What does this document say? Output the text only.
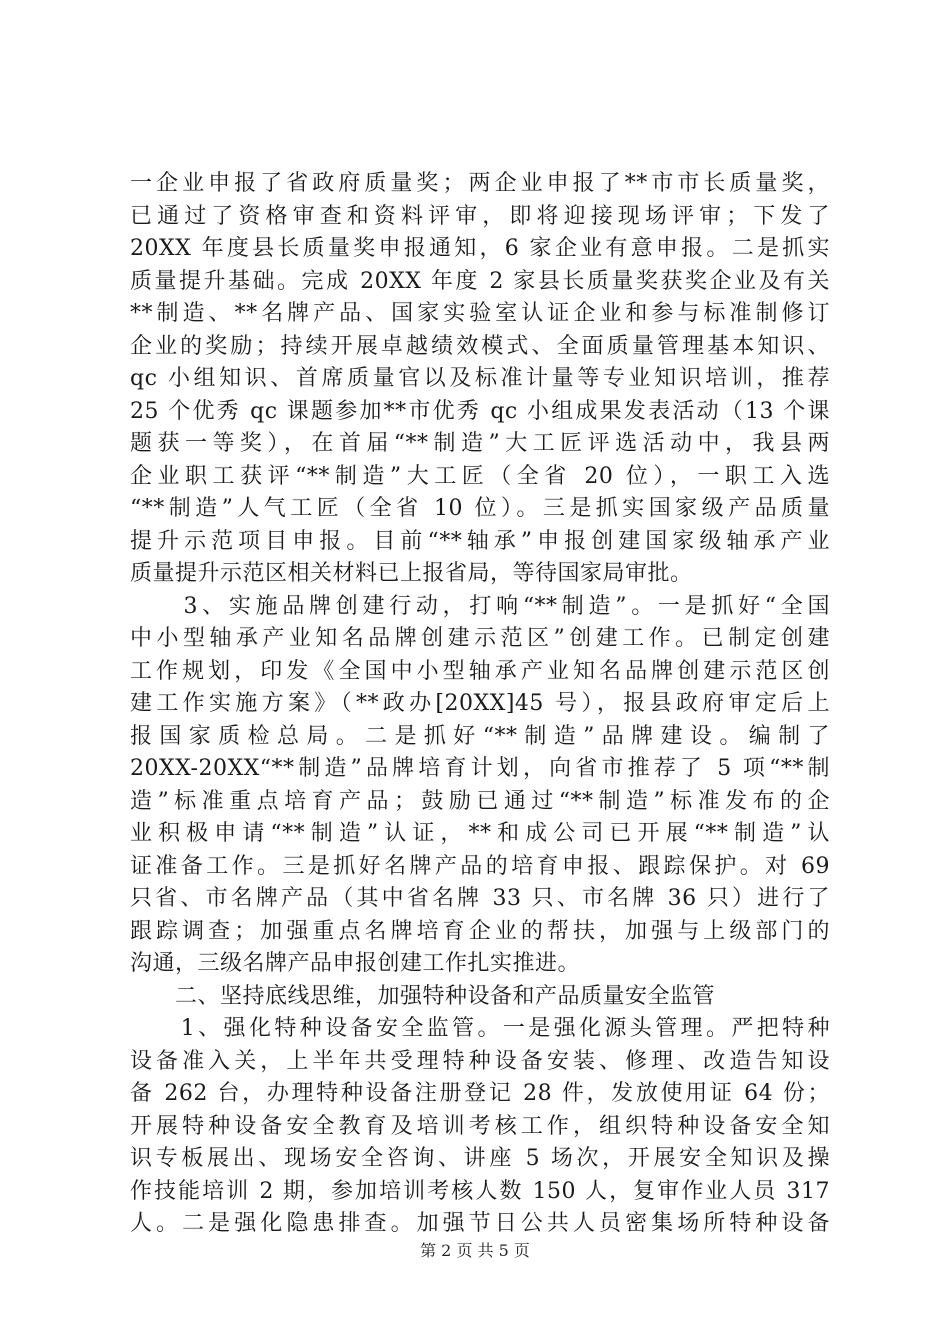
一企业申报了省政府质量奖；两企业申报了**市市长质量奖，
已通过了资格审查和资料评审，即将迎接现场评审；下发了
20XX 年度县长质量奖申报通知，6 家企业有意申报。二是抓实
质量提升基础。完成 20XX 年度 2 家县长质量奖获奖企业及有关
**制造、**名牌产品、国家实验室认证企业和参与标准制修订
企业的奖励；持续开展卓越绩效模式、全面质量管理基本知识、
qc 小组知识、首席质量官以及标准计量等专业知识培训，推荐
25 个优秀 qc 课题参加**市优秀 qc 小组成果发表活动（13 个课
题获一等奖），在首届“**制造”大工匠评选活动中，我县两
企业职工获评“**制造”大工匠（全省 20 位），一职工入选
“**制造”人气工匠（全省 10 位）。三是抓实国家级产品质量
提升示范项目申报。目前“**轴承”申报创建国家级轴承产业
质量提升示范区相关材料已上报省局，等待国家局审批。
　　3、实施品牌创建行动，打响“**制造”。一是抓好“全国
中小型轴承产业知名品牌创建示范区”创建工作。已制定创建
工作规划，印发《全国中小型轴承产业知名品牌创建示范区创
建工作实施方案》（**政办[20XX]45 号），报县政府审定后上
报国家质检总局。二是抓好“**制造”品牌建设。编制了
20XX-20XX“**制造”品牌培育计划，向省市推荐了 5 项“**制
造”标准重点培育产品；鼓励已通过“**制造”标准发布的企
业积极申请“**制造”认证，**和成公司已开展“**制造”认
证准备工作。三是抓好名牌产品的培育申报、跟踪保护。对 69
只省、市名牌产品（其中省名牌 33 只、市名牌 36 只）进行了
跟踪调查；加强重点名牌培育企业的帮扶，加强与上级部门的
沟通，三级名牌产品申报创建工作扎实推进。
　　二、坚持底线思维，加强特种设备和产品质量安全监管
　　1、强化特种设备安全监管。一是强化源头管理。严把特种
设备准入关，上半年共受理特种设备安装、修理、改造告知设
备 262 台，办理特种设备注册登记 28 件，发放使用证 64 份；
开展特种设备安全教育及培训考核工作，组织特种设备安全知
识专板展出、现场安全咨询、讲座 5 场次，开展安全知识及操
作技能培训 2 期，参加培训考核人数 150 人，复审作业人员 317
人。二是强化隐患排查。加强节日公共人员密集场所特种设备
第 2 页 共 5 页
